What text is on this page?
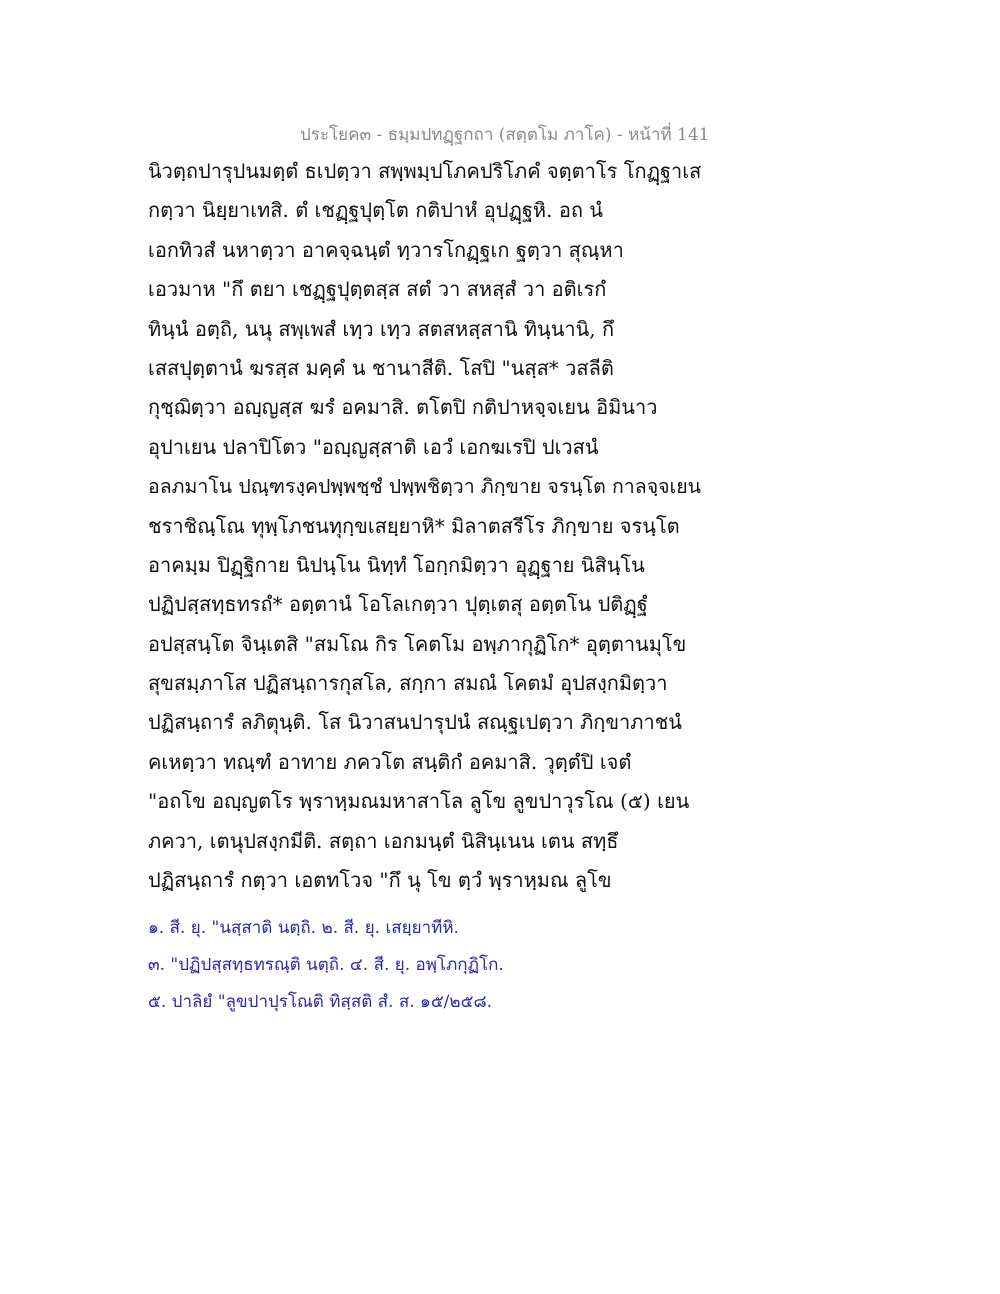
ประโยค๓ - ธมฺมปทฏฺฐกถา (สตฺตโม ภาโค) - หน้าที่ 141
นิวตฺถปารุปนมตฺตํ ธเปตฺวา สพฺพมฺปโภคปริโภคํ จตฺตาโร โกฏฺฐาเส
กตฺวา นิยฺยาเทสิ. ตํ เชฏฺฐปุตฺโต กติปาหํ อุปฏฺฐหิ. อถ นํ
เอกทิวสํ นหาตฺวา อาคจฺฉนฺตํ ทฺวารโกฏฺฐเก ฐตฺวา สุณฺหา
เอวมาห "กึ ตยา เชฏฺฐปุตฺตสฺส สตํ วา สหสฺสํ วา อติเรกํ
ทินฺนํ อตฺถิ, นนุ สพฺเพสํ เทฺว เทฺว สตสหสฺสานิ ทินฺนานิ, กึ
เสสปุตฺตานํ ฆรสฺส มคฺคํ น ชานาสีติ. โสปิ "นสฺส* วสลีติ
กุชฺฌิตฺวา อญฺญสฺส ฆรํ อคมาสิ. ตโตปิ กติปาหจฺจเยน อิมินาว
อุปาเยน ปลาปิโตว "อญฺญสฺสาติ เอวํ เอกฆเรปิ ปเวสนํ
อลภมาโน ปณฺฑรงฺคปพฺพชฺชํ ปพฺพชิตฺวา ภิกฺขาย จรนฺโต กาลจฺจเยน
ชราชิณฺโณ ทุพฺโภชนทุกฺขเสยฺยาหิ* มิลาตสรีโร ภิกฺขาย จรนฺโต
อาคมฺม ปิฏฺฐิกาย นิปนฺโน นิทฺทํ โอกฺกมิตฺวา อุฏฺฐาย นิสินฺโน
ปฏิปสฺสทฺธทรถํ* อตฺตานํ โอโลเกตฺวา ปุตฺเตสุ อตฺตโน ปติฏฺฐํ
อปสฺสนฺโต จินฺเตสิ "สมโณ กิร โคตโม อพฺภากุฏิโก* อุตฺตานมุโข
สุขสมฺภาโส ปฏิสนฺถารกุสโล, สกฺกา สมณํ โคตมํ อุปสงฺกมิตฺวา
ปฏิสนฺถารํ ลภิตุนฺติ. โส นิวาสนปารุปนํ สณฺฐเปตฺวา ภิกฺขาภาชนํ
คเหตฺวา ทณฺฑํ อาทาย ภควโต สนฺติกํ อคมาสิ. วุตฺตํปิ เจตํ
"อถโข อญฺญตโร พฺราหฺมณมหาสาโล ลูโข ลูขปาวุรโณ (๕) เยน
ภควา, เตนุปสงฺกมีติ. สตฺถา เอกมนฺตํ นิสินฺเนน เตน สทฺธึ
ปฏิสนฺถารํ กตฺวา เอตทโวจ "กึ นุ โข ตฺวํ พฺราหฺมณ ลูโข
๑. สี. ยุ. "นสฺสาติ นตฺถิ. ๒. สี. ยุ. เสยฺยาทีหิ.
๓. "ปฏิปสฺสทฺธทรณฺติ นตฺถิ. ๔. สี. ยุ. อพฺโภกุฏิโก.
๕. ปาลิยํ "ลูขปาปุรโณติ ทิสฺสติ สํ. ส. ๑๕/๒๕๘.
